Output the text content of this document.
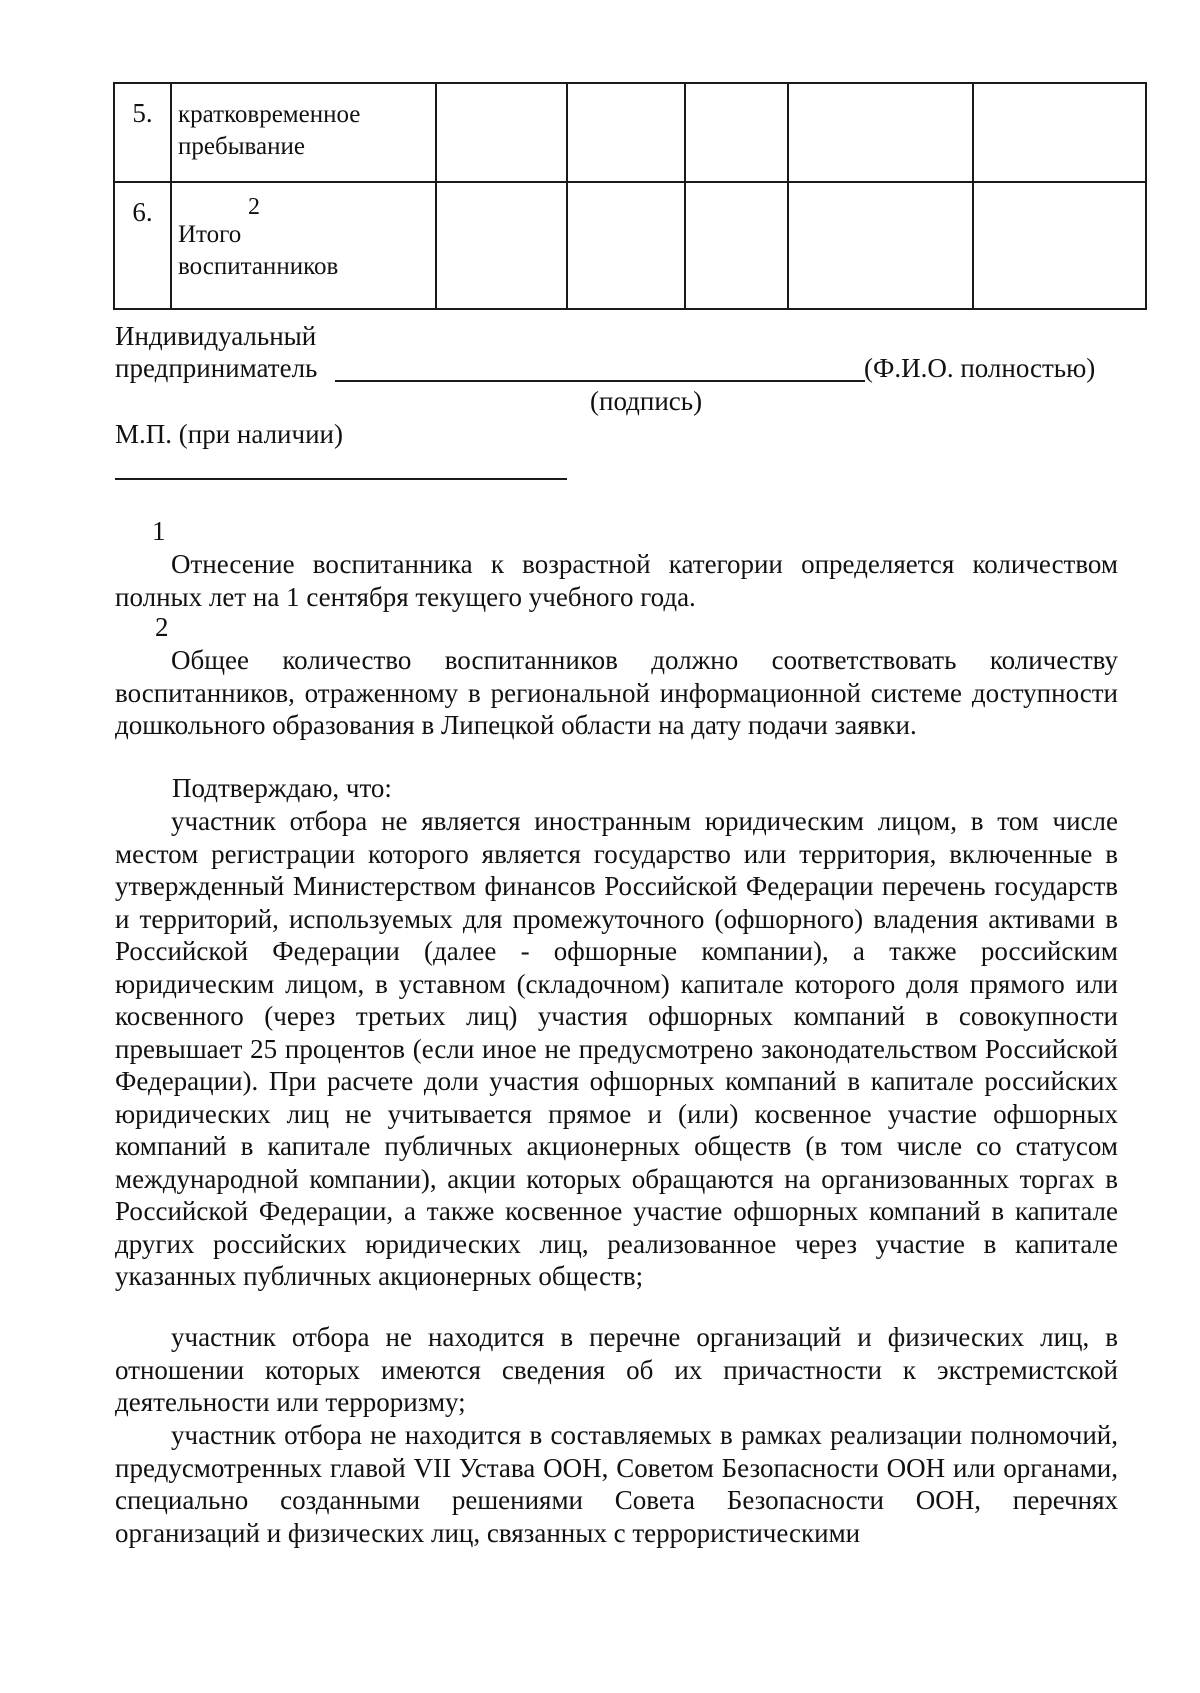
5.	кратковременное
пребывание					

6.	2
Итого
воспитанников					

Индивидуальный
предприниматель	(Ф.И.О. полностью)
(подпись)
М.П. (при наличии)
1
Отнесение воспитанника к возрастной категории определяется количеством полных лет на 1 сентября текущего учебного года.
2
Общее количество воспитанников должно соответствовать количеству воспитанников, отраженному в региональной информационной системе доступности дошкольного образования в Липецкой области на дату подачи заявки.
Подтверждаю, что:
участник отбора не является иностранным юридическим лицом, в том числе местом регистрации которого является государство или территория, включенные в утвержденный Министерством финансов Российской Федерации перечень государств и территорий, используемых для промежуточного (офшорного) владения активами в Российской Федерации (далее - офшорные компании), а также российским юридическим лицом, в уставном (складочном) капитале которого доля прямого или косвенного (через третьих лиц) участия офшорных компаний в совокупности превышает 25 процентов (если иное не предусмотрено законодательством Российской Федерации). При расчете доли участия офшорных компаний в капитале российских юридических лиц не учитывается прямое и (или) косвенное участие офшорных компаний в капитале публичных акционерных обществ (в том числе со статусом международной компании), акции которых обращаются на организованных торгах в Российской Федерации, а также косвенное участие офшорных компаний в капитале других российских юридических лиц, реализованное через участие в капитале указанных публичных акционерных обществ;
участник отбора не находится в перечне организаций и физических лиц, в отношении которых имеются сведения об их причастности к экстремистской деятельности или терроризму;
участник отбора не находится в составляемых в рамках реализации полномочий, предусмотренных главой VII Устава ООН, Советом Безопасности ООН или органами, специально созданными решениями Совета Безопасности ООН, перечнях организаций и физических лиц, связанных с террористическими
